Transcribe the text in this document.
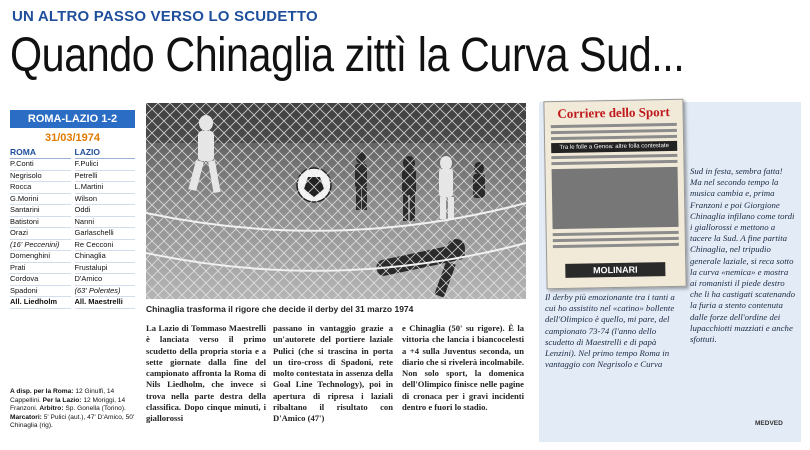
UN ALTRO PASSO VERSO LO SCUDETTO
Quando Chinaglia zittì la Curva Sud...
ROMA-LAZIO 1-2
31/03/1974
ROMA
P.Conti
Negrisolo
Rocca
G.Morini
Santarini
Batistoni
Orazi
(16' Peccenini)
Domenghini
Prati
Cordova
Spadoni
All. Liedholm
LAZIO
F.Pulici
Petrelli
L.Martini
Wilson
Oddi
Nanni
Garlaschelli
Re Cecconi
Chinaglia
Frustalupi
D'Amico
(63' Polentes)
All. Maestrelli
A disp. per la Roma: 12 Ginulfi, 14 Cappellini. Per la Lazio: 12 Moriggi, 14 Franzoni. Arbitro: Sp. Gonella (Torino). Marcatori: 5' Pulici (aut.), 47' D'Amico, 50' Chinaglia (rig).
Chinaglia trasforma il rigore che decide il derby del 31 marzo 1974
La Lazio di Tommaso Maestrelli è lanciata verso il primo scudetto della propria storia e a sette giornate dalla fine del campionato affronta la Roma di Nils Liedholm, che invece si trova nella parte destra della classifica. Dopo cinque minuti, i giallorossi
passano in vantaggio grazie a un'autorete del portiere laziale Pulici (che si trascina in porta un tiro-cross di Spadoni, rete molto contestata in assenza della Goal Line Technology), poi in apertura di ripresa i laziali ribaltano il risultato con D'Amico (47')
e Chinaglia (50' su rigore). È la vittoria che lancia i biancocelesti a +4 sulla Juventus seconda, un diario che si rivelerà incolmabile. Non solo sport, la domenica dell'Olimpico finisce nelle pagine di cronaca per i gravi incidenti dentro e fuori lo stadio.
Corriere dello Sport
Tra le folle a Genoa: altre folla contestate
MOLINARI
Sud in festa, sembra fatta! Ma nel secondo tempo la musica cambia e, prima Franzoni e poi Giorgione Chinaglia infilano come tordi i giallorossi e mettono a tacere la Sud. A fine partita Chinaglia, nel tripudio generale laziale, si reca sotto la curva «nemica» e mostra ai romanisti il piede destro che li ha castigati scatenando la furia a stento contenuta dalle forze dell'ordine dei lupacchiotti mazziati e anche sfottuti.
Il derby più emozionante tra i tanti a cui ho assistito nel «catino» bollente dell'Olimpico è quello, mi pare, del campionato 73-74 (l'anno dello scudetto di Maestrelli e di papà Lenzini). Nel primo tempo Roma in vantaggio con Negrisolo e Curva
MEDVED
